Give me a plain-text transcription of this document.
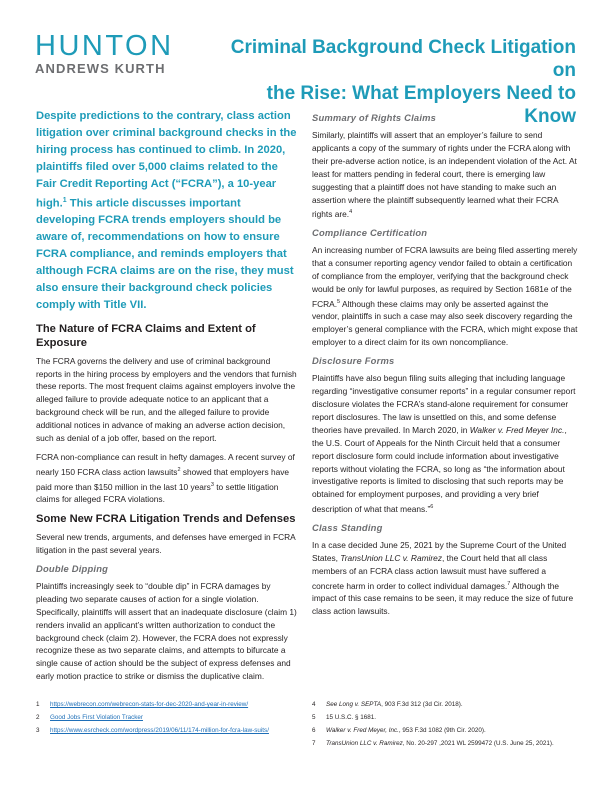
HUNTON
ANDREWS KURTH
Criminal Background Check Litigation on
the Rise: What Employers Need to Know
Despite predictions to the contrary, class action litigation over criminal background checks in the hiring process has continued to climb. In 2020, plaintiffs filed over 5,000 claims related to the Fair Credit Reporting Act (“FCRA”), a 10-year high.$^1$ This article discusses important developing FCRA trends employers should be aware of, recommendations on how to ensure FCRA compliance, and reminds employers that although FCRA claims are on the rise, they must also ensure their background check policies comply with Title VII.
The Nature of FCRA Claims and Extent of Exposure

The FCRA governs the delivery and use of criminal background reports in the hiring process by employers and the vendors that furnish these reports. The most frequent claims against employers involve the alleged failure to provide adequate notice to an applicant that a background check will be run, and the alleged failure to provide additional notices in advance of making an adverse action decision, such as denial of a job offer, based on the report.

FCRA non-compliance can result in hefty damages. A recent survey of nearly 150 FCRA class action lawsuits$^2$ showed that employers have paid more than $150 million in the last 10 years$^3$ to settle litigation claims for alleged FCRA violations.

Some New FCRA Litigation Trends and Defenses

Several new trends, arguments, and defenses have emerged in FCRA litigation in the past several years.

Double Dipping

Plaintiffs increasingly seek to “double dip” in FCRA damages by pleading two separate causes of action for a single violation. Specifically, plaintiffs will assert that an inadequate disclosure (claim 1) renders invalid an applicant’s written authorization to conduct the background check (claim 2). However, the FCRA does not expressly recognize these as two separate claims, and attempts to bifurcate a single cause of action should be the subject of express defenses and early motion practice to strike or dismiss the duplicative claim.

Summary of Rights Claims

Similarly, plaintiffs will assert that an employer’s failure to send applicants a copy of the summary of rights under the FCRA along with their pre-adverse action notice, is an independent violation of the Act. At least for matters pending in federal court, there is emerging law suggesting that a plaintiff does not have standing to make such an assertion where the plaintiff subsequently learned what their FCRA rights are.$^4$

Compliance Certification

An increasing number of FCRA lawsuits are being filed asserting merely that a consumer reporting agency vendor failed to obtain a certification of compliance from the employer, verifying that the background check would be only for lawful purposes, as required by Section 1681e of the FCRA.$^5$ Although these claims may only be asserted against the vendor, plaintiffs in such a case may also seek discovery regarding the employer’s general compliance with the FCRA, which might expose that employer to a direct claim for its own noncompliance.

Disclosure Forms

Plaintiffs have also begun filing suits alleging that including language regarding “investigative consumer reports” in a regular consumer report disclosure violates the FCRA’s stand-alone requirement for consumer report disclosures. The law is unsettled on this, and some defense theories have prevailed. In March 2020, in Walker v. Fred Meyer Inc., the U.S. Court of Appeals for the Ninth Circuit held that a consumer report disclosure form could include information about investigative reports without violating the FCRA, so long as “the information about investigative reports is limited to disclosing that such reports may be obtained for employment purposes, and providing a very brief description of what that means.”$^6$

Class Standing

In a case decided June 25, 2021 by the Supreme Court of the United States, TransUnion LLC v. Ramirez, the Court held that all class members of an FCRA class action lawsuit must have suffered a concrete harm in order to collect individual damages.$^7$ Although the impact of this case remains to be seen, it may reduce the size of future class action lawsuits.

1	https://webrecon.com/webrecon-stats-for-dec-2020-and-year-in-review/
2	Good Jobs First Violation Tracker
3	https://www.esrcheck.com/wordpress/2019/06/11/174-million-for-fcra-law-suits/
4	See Long v. SEPTA, 903 F.3d 312 (3d Cir. 2018).
5	15 U.S.C. § 1681.
6	Walker v. Fred Meyer, Inc., 953 F.3d 1082 (9th Cir. 2020).
7	TransUnion LLC v. Ramirez, No. 20-297 ,2021 WL 2599472 (U.S. June 25, 2021).
